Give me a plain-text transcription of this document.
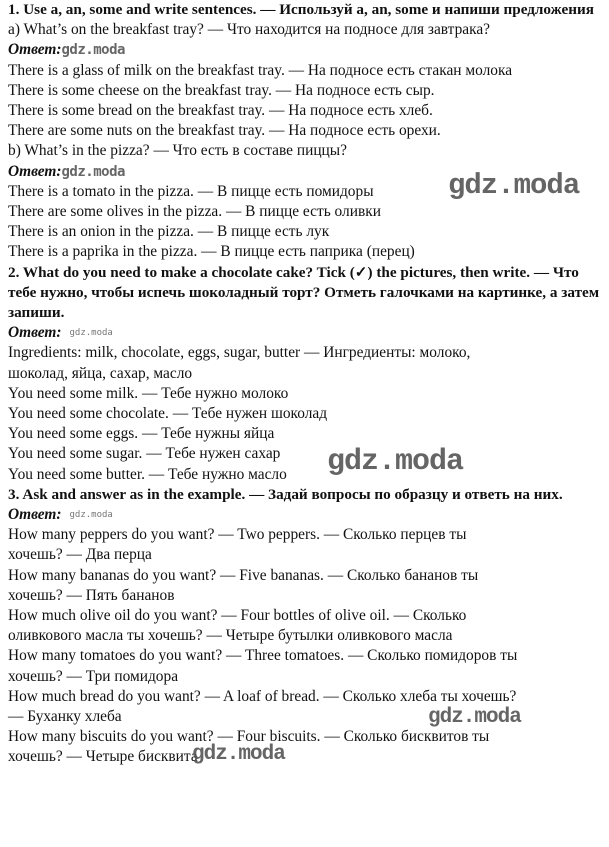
1. Use a, an, some and write sentences. — Используй a, an, some и напиши предложения
a) What’s on the breakfast tray? — Что находится на подносе для завтрака?
Ответ:gdz.moda
There is a glass of milk on the breakfast tray. — На подносе есть стакан молока
There is some cheese on the breakfast tray. — На подносе есть сыр.
There is some bread on the breakfast tray. — На подносе есть хлеб.
There are some nuts on the breakfast tray. — На подносе есть орехи.
b) What’s in the pizza? — Что есть в составе пиццы?
Ответ:gdz.moda
There is a tomato in the pizza. — В пицце есть помидоры
There are some olives in the pizza. — В пицце есть оливки
There is an onion in the pizza. — В пицце есть лук
There is a paprika in the pizza. — В пицце есть паприка (перец)
2. What do you need to make a chocolate cake? Tick (✓) the pictures, then write. — Что тебе нужно, чтобы испечь шоколадный торт? Отметь галочками на картинке, а затем запиши.
Ответ: gdz.moda
Ingredients: milk, chocolate, eggs, sugar, butter — Ингредиенты: молоко,
шоколад, яйца, сахар, масло
You need some milk. — Тебе нужно молоко
You need some chocolate. — Тебе нужен шоколад
You need some eggs. — Тебе нужны яйца
You need some sugar. — Тебе нужен сахар
You need some butter. — Тебе нужно масло
3. Ask and answer as in the example. — Задай вопросы по образцу и ответь на них.
Ответ: gdz.moda
How many peppers do you want? — Two peppers. — Сколько перцев ты
хочешь? — Два перца
How many bananas do you want? — Five bananas. — Сколько бананов ты
хочешь? — Пять бананов
How much olive oil do you want? — Four bottles of olive oil. — Сколько
оливкового масла ты хочешь? — Четыре бутылки оливкового масла
How many tomatoes do you want? — Three tomatoes. — Сколько помидоров ты
хочешь? — Три помидора
How much bread do you want? — A loaf of bread. — Сколько хлеба ты хочешь?
— Буханку хлеба
How many biscuits do you want? — Four biscuits. — Сколько бисквитов ты
хочешь? — Четыре бисквита
gdz.moda
gdz.moda
gdz.moda
gdz.moda
